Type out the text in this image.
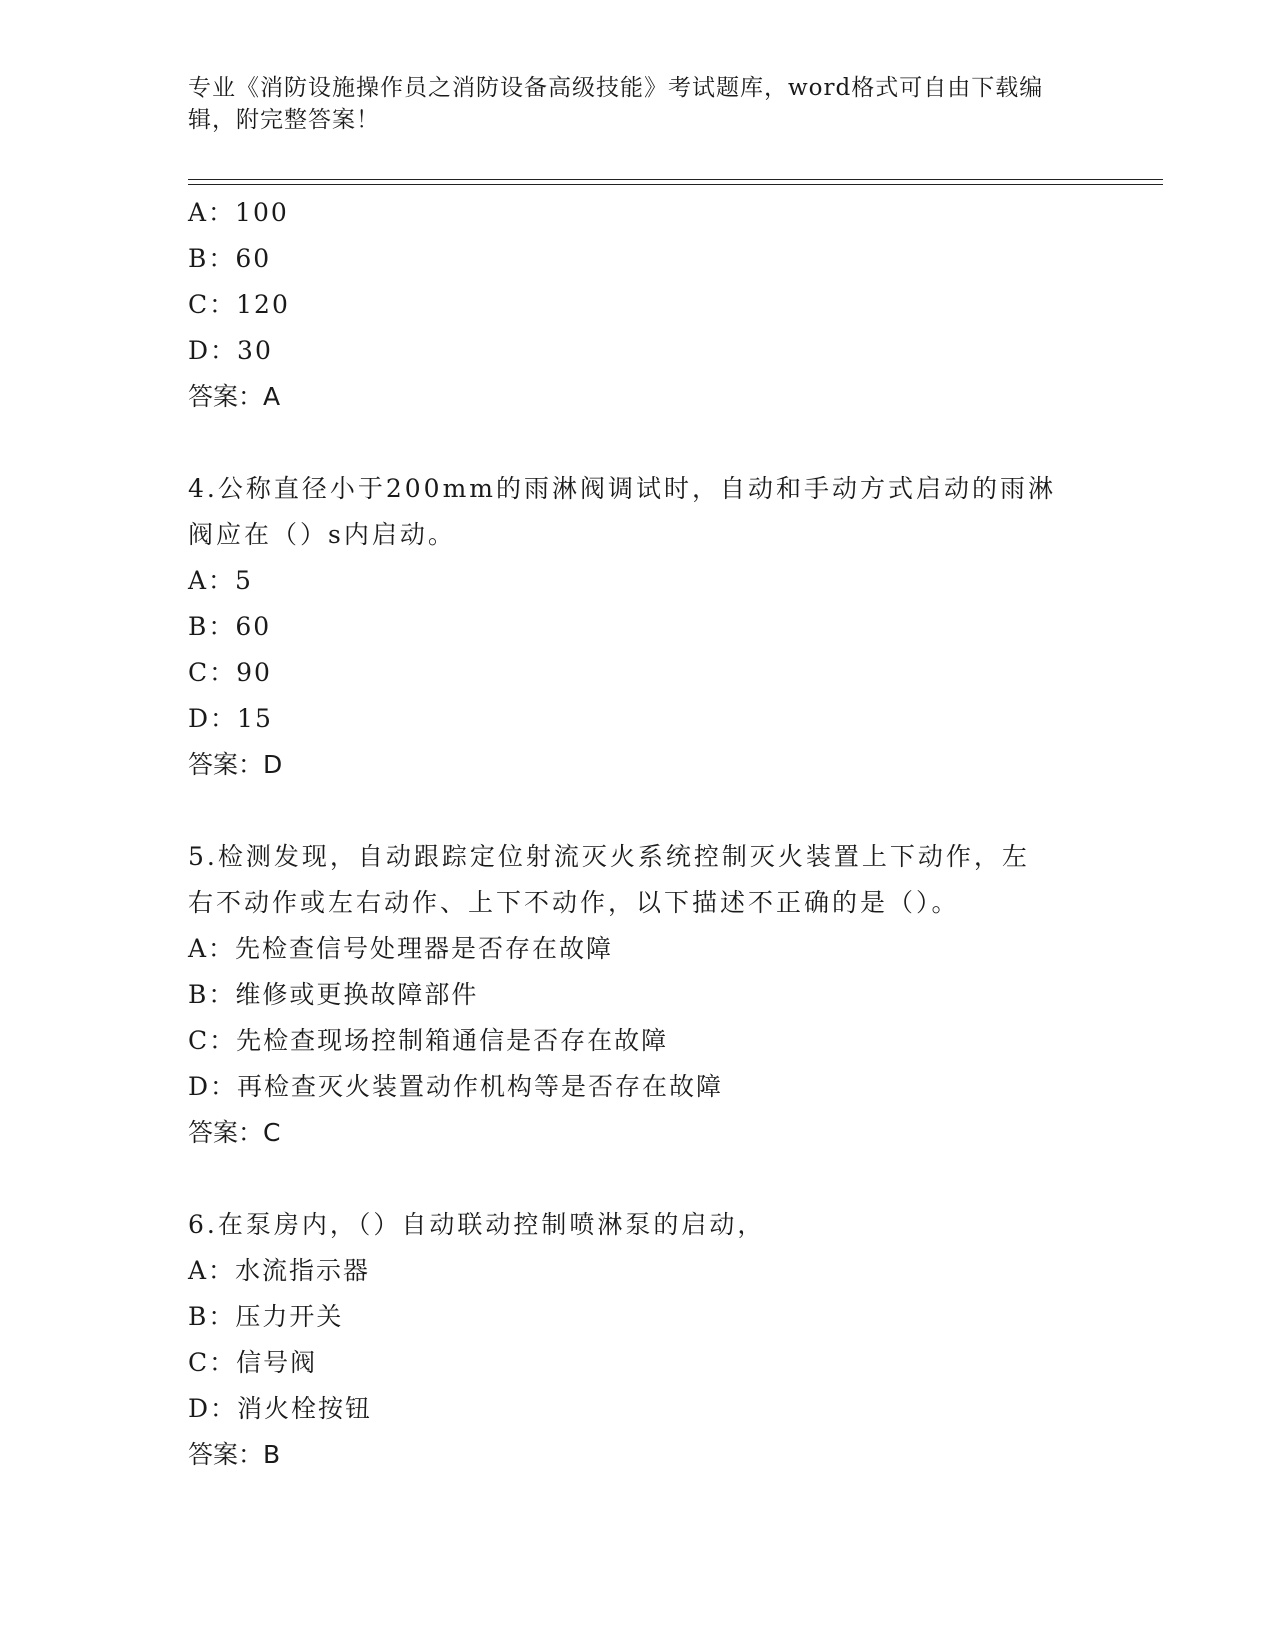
专业《消防设施操作员之消防设备高级技能》考试题库，word格式可自由下载编
辑，附完整答案！
A：100
B：60
C：120
D：30
答案：A
4.公称直径小于200mm的雨淋阀调试时，自动和手动方式启动的雨淋
阀应在（）s内启动。
A：5
B：60
C：90
D：15
答案：D
5.检测发现，自动跟踪定位射流灭火系统控制灭火装置上下动作，左
右不动作或左右动作、上下不动作，以下描述不正确的是（）。
A：先检查信号处理器是否存在故障
B：维修或更换故障部件
C：先检查现场控制箱通信是否存在故障
D：再检查灭火装置动作机构等是否存在故障
答案：C
6.在泵房内，（）自动联动控制喷淋泵的启动，
A：水流指示器
B：压力开关
C：信号阀
D：消火栓按钮
答案：B
